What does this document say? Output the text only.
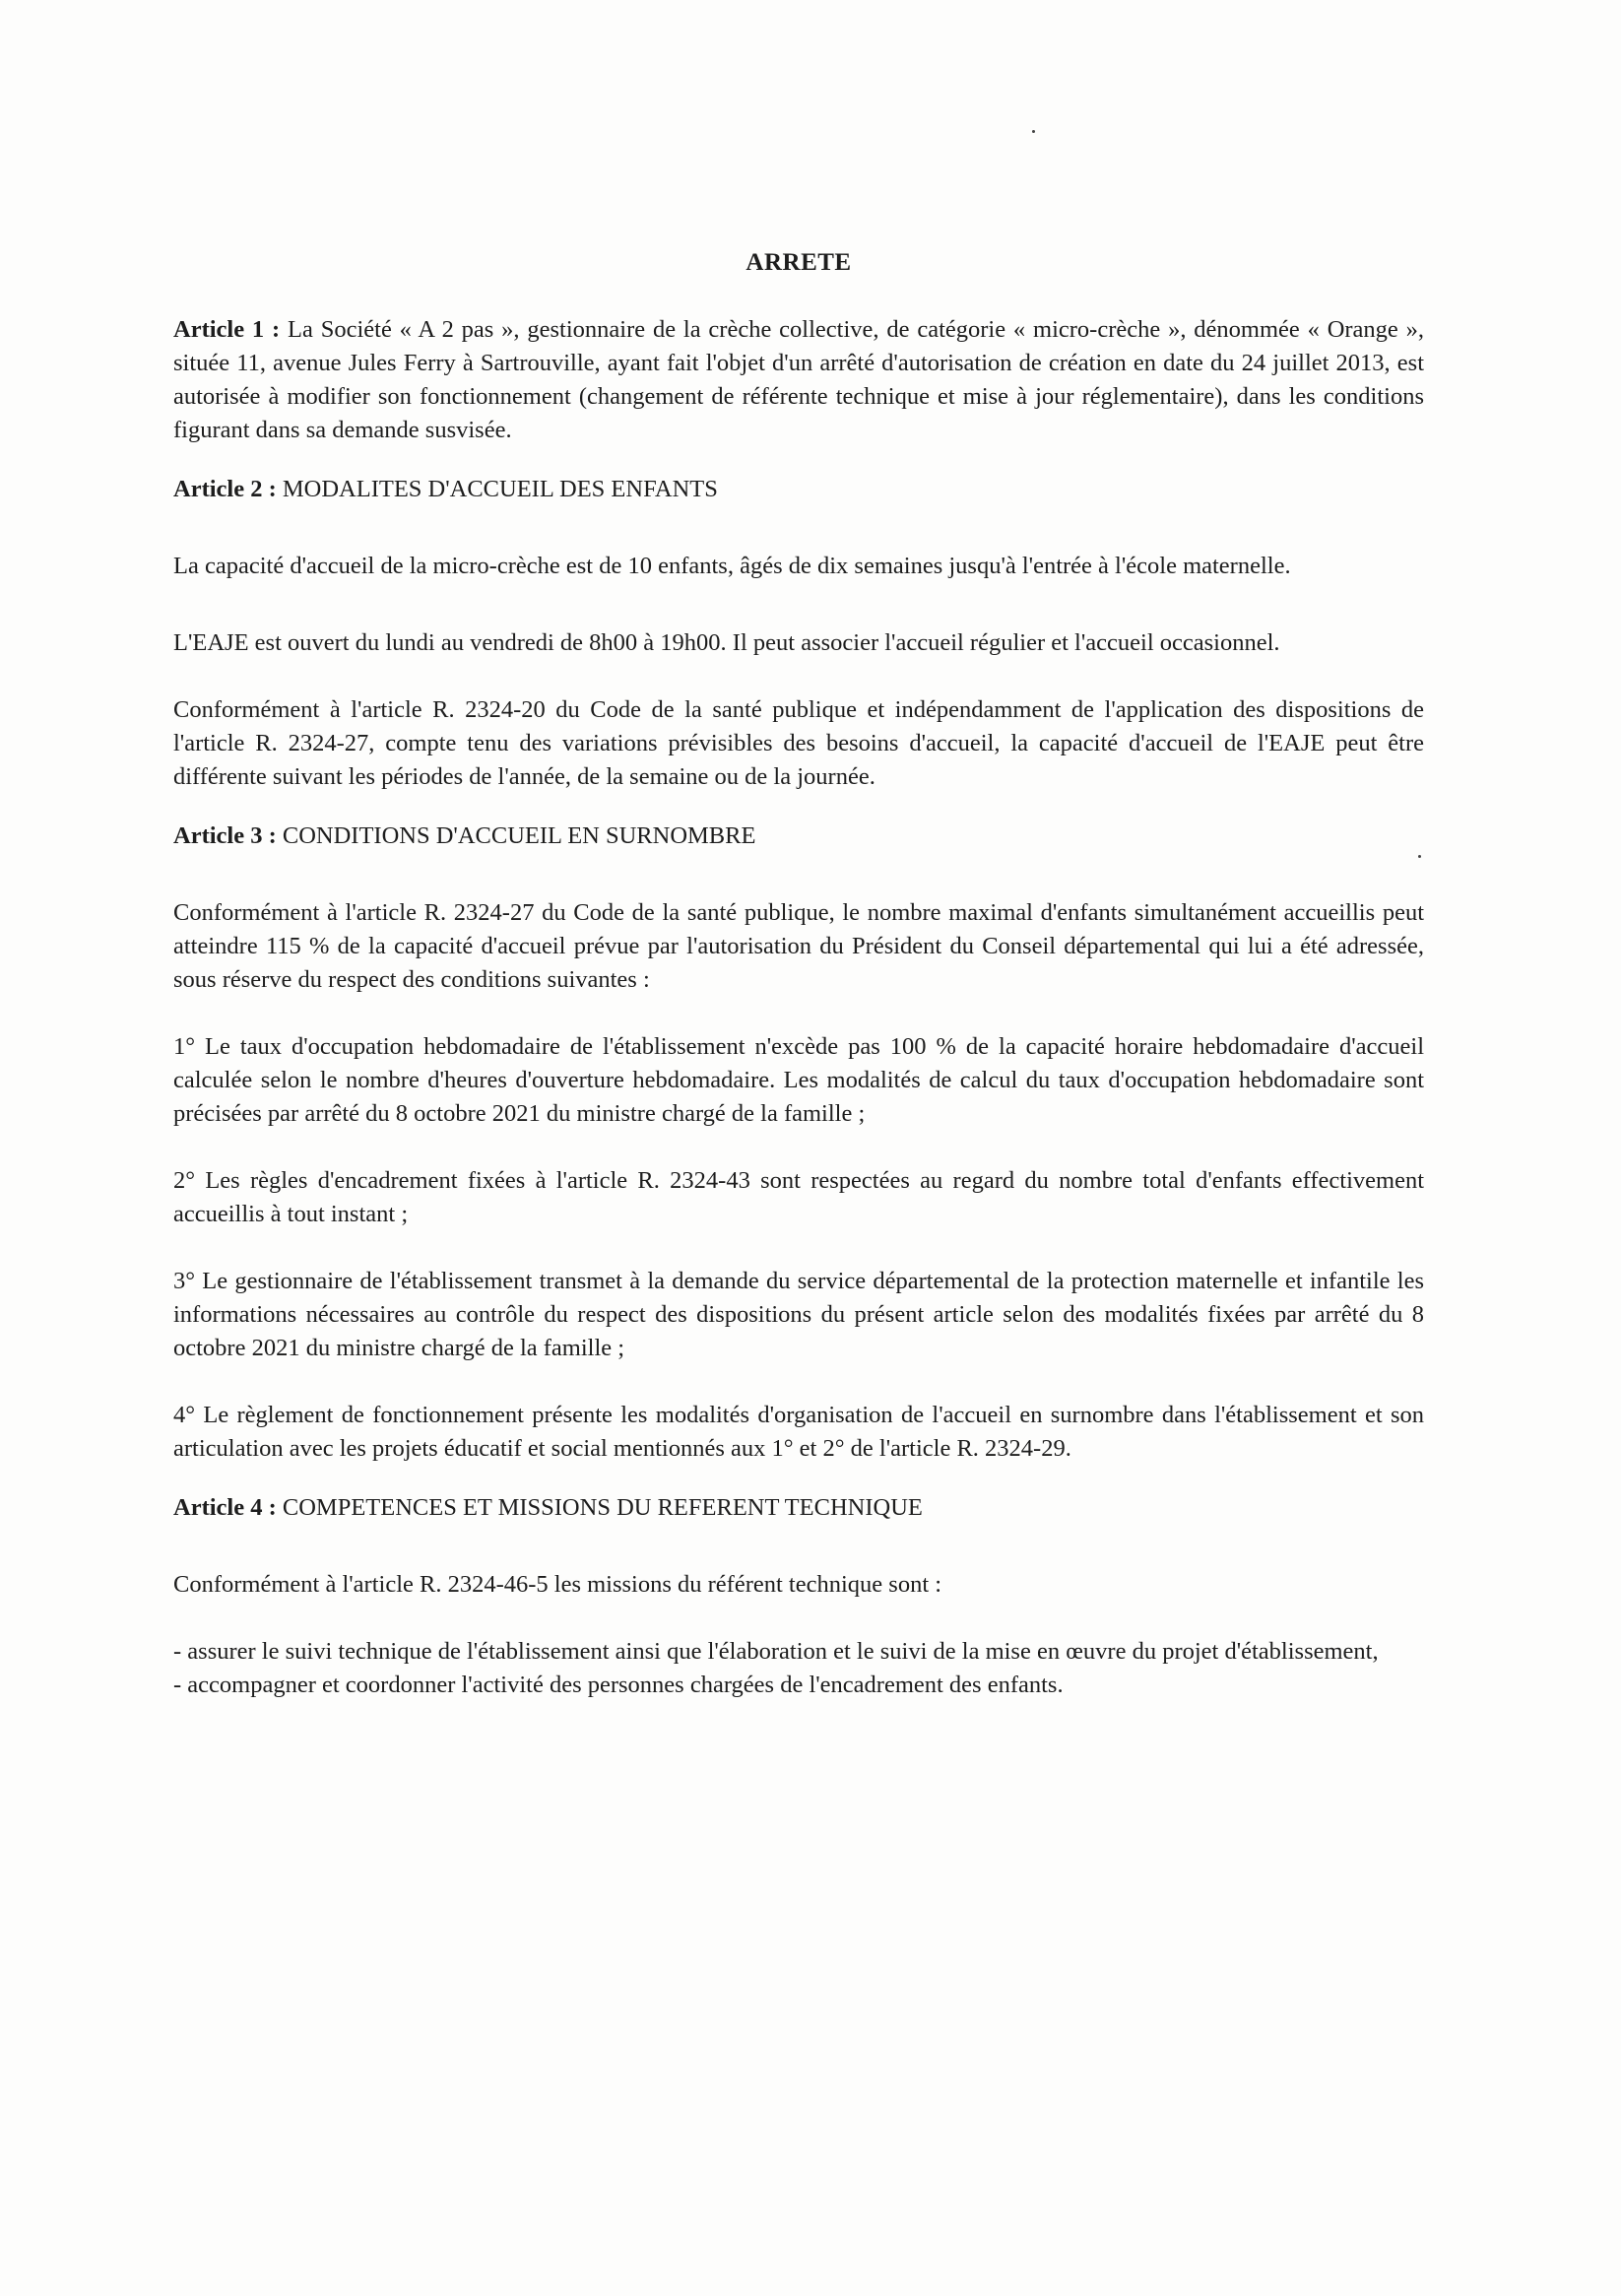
ARRETE

Article 1 : La Société « A 2 pas », gestionnaire de la crèche collective, de catégorie « micro-crèche », dénommée « Orange », située 11, avenue Jules Ferry à Sartrouville, ayant fait l'objet d'un arrêté d'autorisation de création en date du 24 juillet 2013, est autorisée à modifier son fonctionnement (changement de référente technique et mise à jour réglementaire), dans les conditions figurant dans sa demande susvisée.

Article 2 : MODALITES D'ACCUEIL DES ENFANTS

La capacité d'accueil de la micro-crèche est de 10 enfants, âgés de dix semaines jusqu'à l'entrée à l'école maternelle.

L'EAJE est ouvert du lundi au vendredi de 8h00 à 19h00. Il peut associer l'accueil régulier et l'accueil occasionnel.

Conformément à l'article R. 2324-20 du Code de la santé publique et indépendamment de l'application des dispositions de l'article R. 2324-27, compte tenu des variations prévisibles des besoins d'accueil, la capacité d'accueil de l'EAJE peut être différente suivant les périodes de l'année, de la semaine ou de la journée.

Article 3 : CONDITIONS D'ACCUEIL EN SURNOMBRE

Conformément à l'article R. 2324-27 du Code de la santé publique, le nombre maximal d'enfants simultanément accueillis peut atteindre 115 % de la capacité d'accueil prévue par l'autorisation du Président du Conseil départemental qui lui a été adressée, sous réserve du respect des conditions suivantes :

1° Le taux d'occupation hebdomadaire de l'établissement n'excède pas 100 % de la capacité horaire hebdomadaire d'accueil calculée selon le nombre d'heures d'ouverture hebdomadaire. Les modalités de calcul du taux d'occupation hebdomadaire sont précisées par arrêté du 8 octobre 2021 du ministre chargé de la famille ;

2° Les règles d'encadrement fixées à l'article R. 2324-43 sont respectées au regard du nombre total d'enfants effectivement accueillis à tout instant ;

3° Le gestionnaire de l'établissement transmet à la demande du service départemental de la protection maternelle et infantile les informations nécessaires au contrôle du respect des dispositions du présent article selon des modalités fixées par arrêté du 8 octobre 2021 du ministre chargé de la famille ;

4° Le règlement de fonctionnement présente les modalités d'organisation de l'accueil en surnombre dans l'établissement et son articulation avec les projets éducatif et social mentionnés aux 1° et 2° de l'article R. 2324-29.

Article 4 : COMPETENCES ET MISSIONS DU REFERENT TECHNIQUE

Conformément à l'article R. 2324-46-5 les missions du référent technique sont :

- assurer le suivi technique de l'établissement ainsi que l'élaboration et le suivi de la mise en œuvre du projet d'établissement,

- accompagner et coordonner l'activité des personnes chargées de l'encadrement des enfants.
